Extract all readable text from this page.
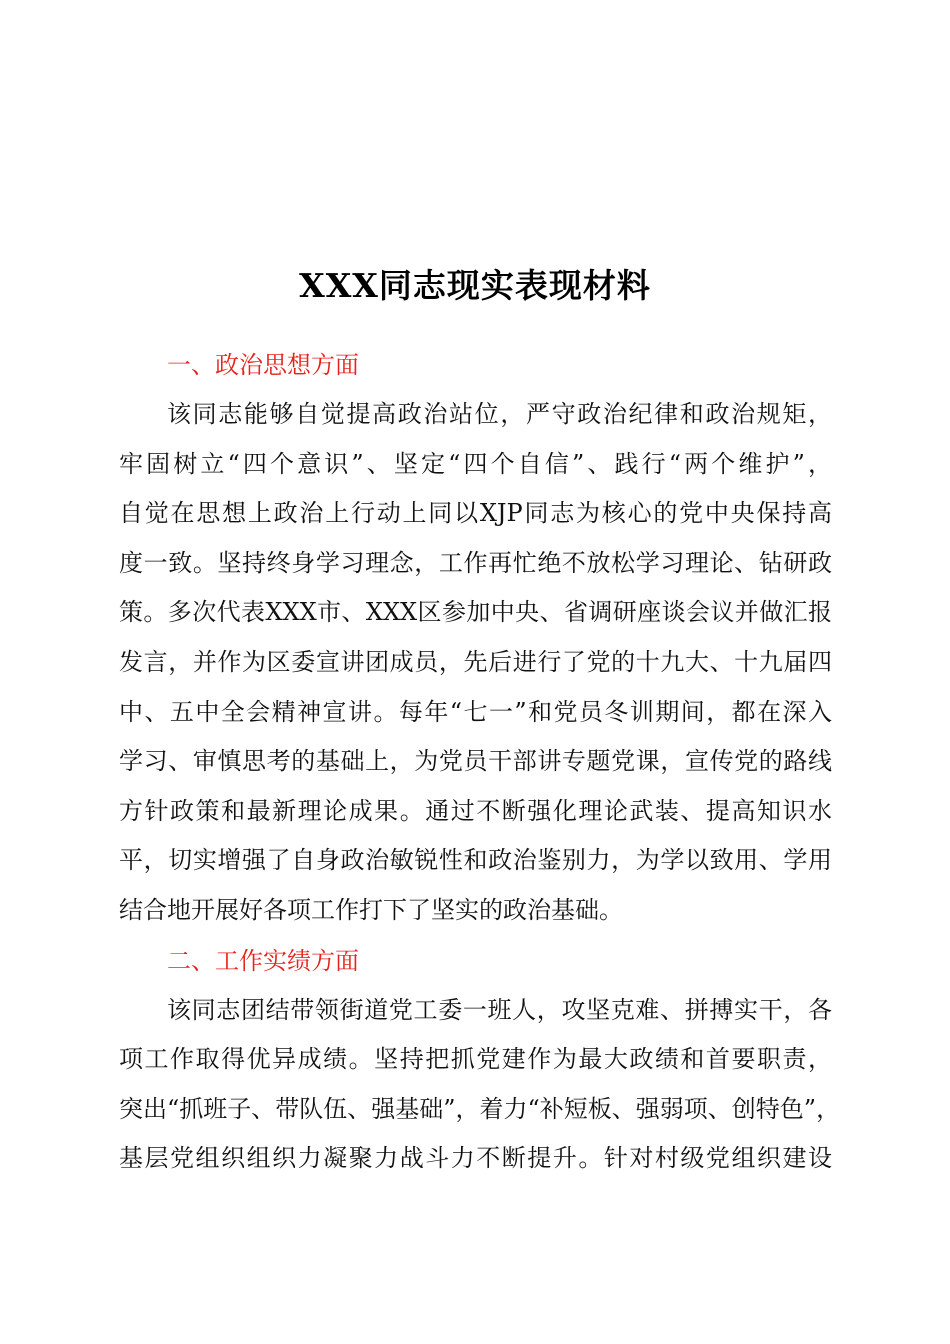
XXX同志现实表现材料

一、政治思想方面

该同志能够自觉提高政治站位，严守政治纪律和政治规矩，

牢固树立“四个意识”、坚定“四个自信”、践行“两个维护”，

自觉在思想上政治上行动上同以XJP同志为核心的党中央保持高

度一致。坚持终身学习理念，工作再忙绝不放松学习理论、钻研政

策。多次代表XXX市、XXX区参加中央、省调研座谈会议并做汇报

发言，并作为区委宣讲团成员，先后进行了党的十九大、十九届四

中、五中全会精神宣讲。每年“七一”和党员冬训期间，都在深入

学习、审慎思考的基础上，为党员干部讲专题党课，宣传党的路线

方针政策和最新理论成果。通过不断强化理论武装、提高知识水

平，切实增强了自身政治敏锐性和政治鉴别力，为学以致用、学用

结合地开展好各项工作打下了坚实的政治基础。

二、工作实绩方面

该同志团结带领街道党工委一班人，攻坚克难、拼搏实干，各

项工作取得优异成绩。坚持把抓党建作为最大政绩和首要职责，

突出“抓班子、带队伍、强基础”，着力“补短板、强弱项、创特色”，

基层党组织组织力凝聚力战斗力不断提升。针对村级党组织建设
